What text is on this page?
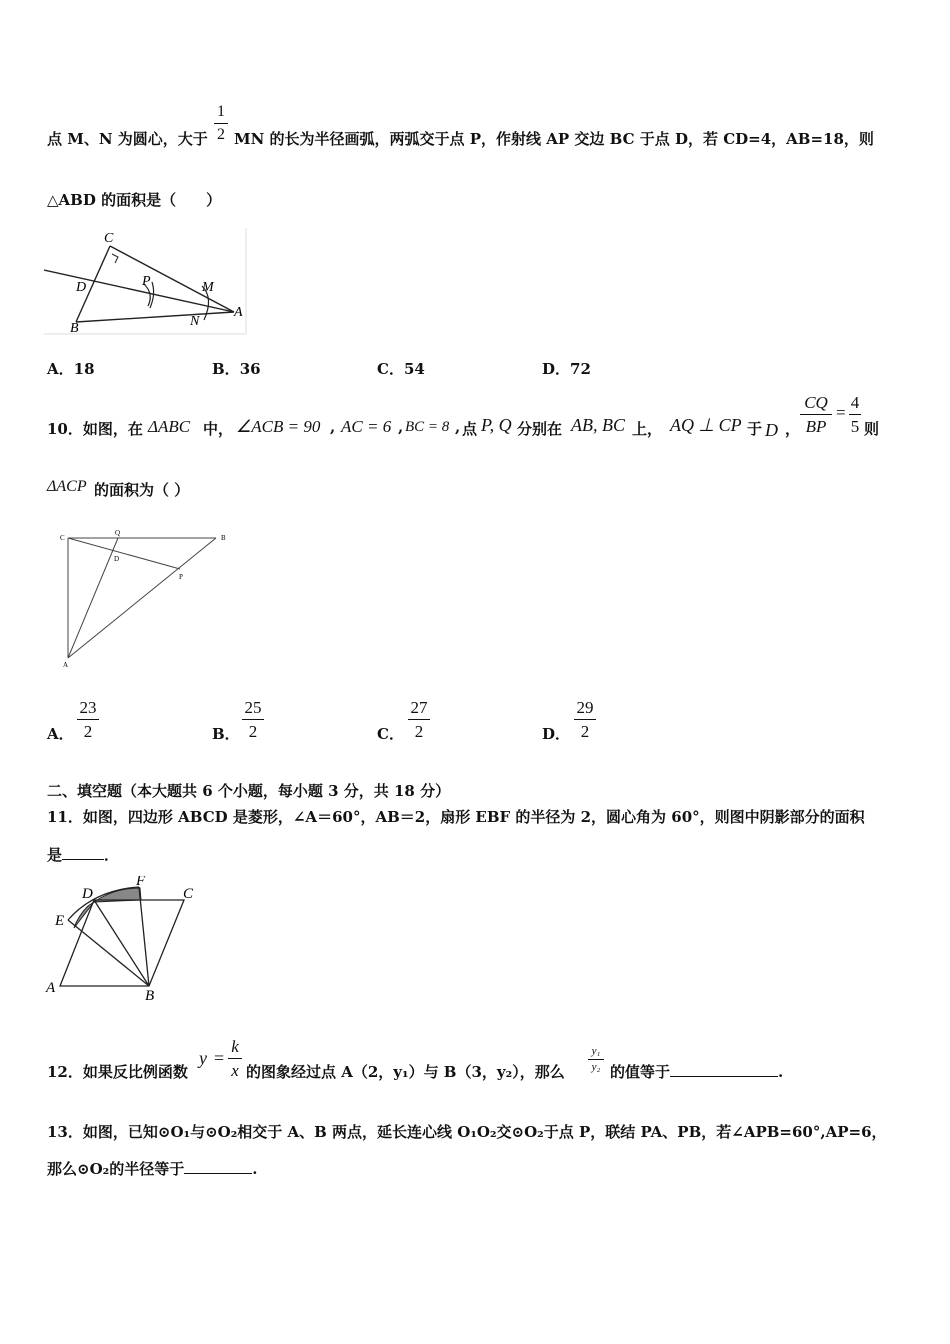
1
2
点 M、N 为圆心，大于 MN 的长为半径画弧，两弧交于点 P，作射线 AP 交边 BC 于点 D，若 CD=4，AB=18，则
△ABD 的面积是（　　）
C
D	P	M
N
A
B
A．18	B．36	C．54	D．72
10．如图，在 ΔABC 中， ∠ACB = 90 , AC = 6 , BC = 8 , 点 P, Q 分别在 AB, BC 上， AQ ⊥ CP 于 D ，
CQ
BP
=
4
5 则
ΔACP 的面积为（ ）
C
Q
B
D
P
A
A．
23
2	B．
25
2	C．
27
2	D．
29
2
二、填空题（本大题共 6 个小题，每小题 3 分，共 18 分）
11．如图，四边形 ABCD 是菱形，∠A＝60°，AB＝2，扇形 EBF 的半径为 2，圆心角为 60°，则图中阴影部分的面积
是	．
D
F
C
E
A	B
12．如果反比例函数
y =
k
x 的图象经过点 A（2，y₁）与 B（3，y₂），那么
y₁
y₂ 的值等于	.
13．如图，已知⊙O₁与⊙O₂相交于 A、B 两点，延长连心线 O₁O₂交⊙O₂于点 P，联结 PA、PB，若∠APB=60°,AP=6，
那么⊙O₂的半径等于	.
